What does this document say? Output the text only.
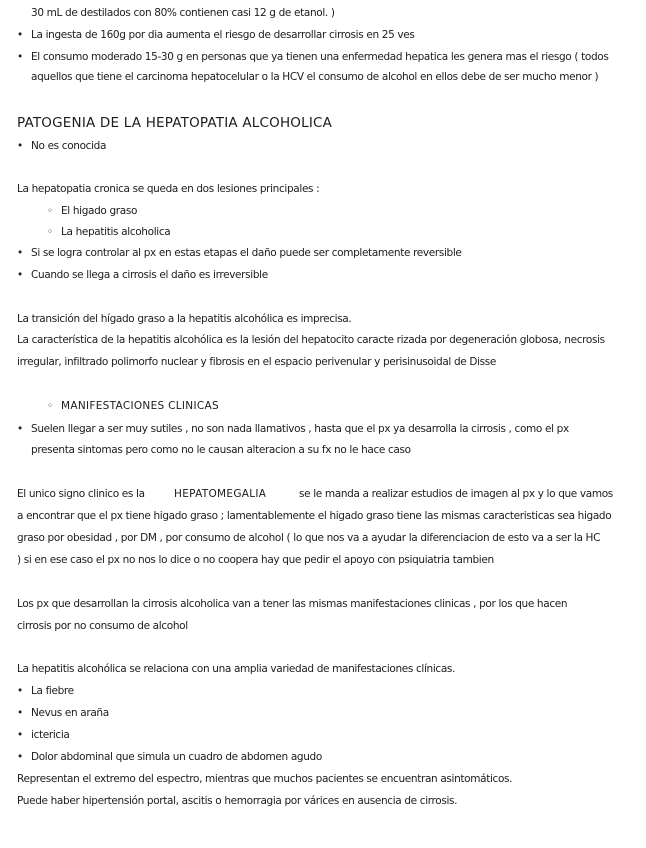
30 mL de destilados con 80% contienen casi 12 g de etanol. )
• La ingesta de 160g por dia aumenta el riesgo de desarrollar cirrosis en 25 ves
• El consumo moderado 15-30 g en personas que ya tienen una enfermedad hepatica les genera mas el riesgo ( todos
aquellos que tiene el carcinoma hepatocelular o la HCV el consumo de alcohol en ellos debe de ser mucho menor )
PATOGENIA DE LA HEPATOPATIA ALCOHOLICA
• No es conocida
La hepatopatia cronica se queda en dos lesiones principales :
◦ El higado graso
◦ La hepatitis alcoholica
• Si se logra controlar al px en estas etapas el daño puede ser completamente reversible
• Cuando se llega a cirrosis el daño es irreversible
La transición del hígado graso a la hepatitis alcohólica es imprecisa.
La característica de la hepatitis alcohólica es la lesión del hepatocito caracte rizada por degeneración globosa, necrosis
irregular, infiltrado polimorfo nuclear y fibrosis en el espacio perivenular y perisinusoidal de Disse
◦ MANIFESTACIONES CLINICAS
• Suelen llegar a ser muy sutiles , no son nada llamativos , hasta que el px ya desarrolla la cirrosis , como el px
presenta sintomas pero como no le causan alteracion a su fx no le hace caso
El unico signo clinico es la	HEPATOMEGALIA	se le manda a realizar estudios de imagen al px y lo que vamos
a encontrar que el px tiene higado graso ; lamentablemente el higado graso tiene las mismas caracteristicas sea higado
graso por obesidad , por DM , por consumo de alcohol ( lo que nos va a ayudar la diferenciacion de esto va a ser la HC
) si en ese caso el px no nos lo dice o no coopera hay que pedir el apoyo con psiquiatria tambien
Los px que desarrollan la cirrosis alcoholica van a tener las mismas manifestaciones clinicas , por los que hacen
cirrosis por no consumo de alcohol
La hepatitis alcohólica se relaciona con una amplia variedad de manifestaciones clínicas.
• La fiebre
• Nevus en araña
• ictericia
• Dolor abdominal que simula un cuadro de abdomen agudo
Representan el extremo del espectro, mientras que muchos pacientes se encuentran asintomáticos.
Puede haber hipertensión portal, ascitis o hemorragia por várices en ausencia de cirrosis.
